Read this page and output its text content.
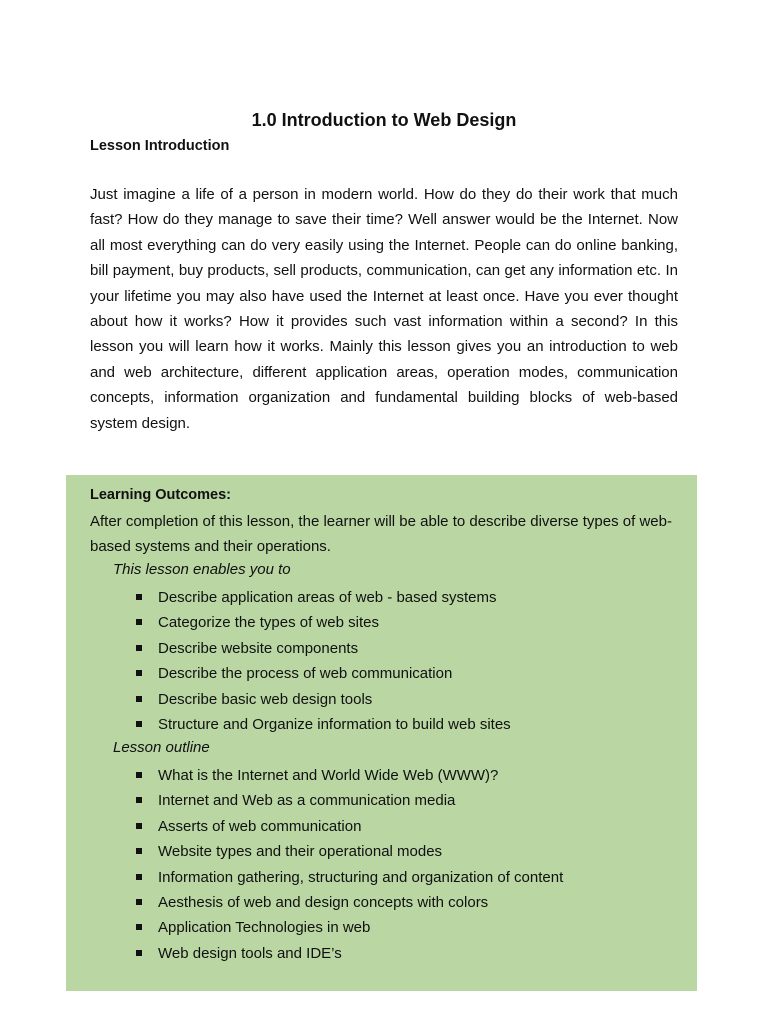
1.0 Introduction to Web Design
Lesson Introduction

Just imagine a life of a person in modern world. How do they do their work that much fast? How do they manage to save their time? Well answer would be the Internet. Now all most everything can do very easily using the Internet. People can do online banking, bill payment, buy products, sell products, communication, can get any information etc. In your lifetime you may also have used the Internet at least once. Have you ever thought about how it works? How it provides such vast information within a second? In this lesson you will learn how it works. Mainly this lesson gives you an introduction to web and web architecture, different application areas, operation modes, communication concepts, information organization and fundamental building blocks of web-based system design.

Learning Outcomes:

After completion of this lesson, the learner will be able to describe diverse types of web-based systems and their operations.

This lesson enables you to
Describe application areas of web - based systems
Categorize the types of web sites
Describe website components
Describe the process of web communication
Describe basic web design tools
Structure and Organize information to build web sites
Lesson outline
What is the Internet and World Wide Web (WWW)?
Internet and Web as a communication media
Asserts of web communication
Website types and their operational modes
Information gathering, structuring and organization of content
Aesthesis of web and design concepts with colors
Application Technologies in web
Web design tools and IDE’s
